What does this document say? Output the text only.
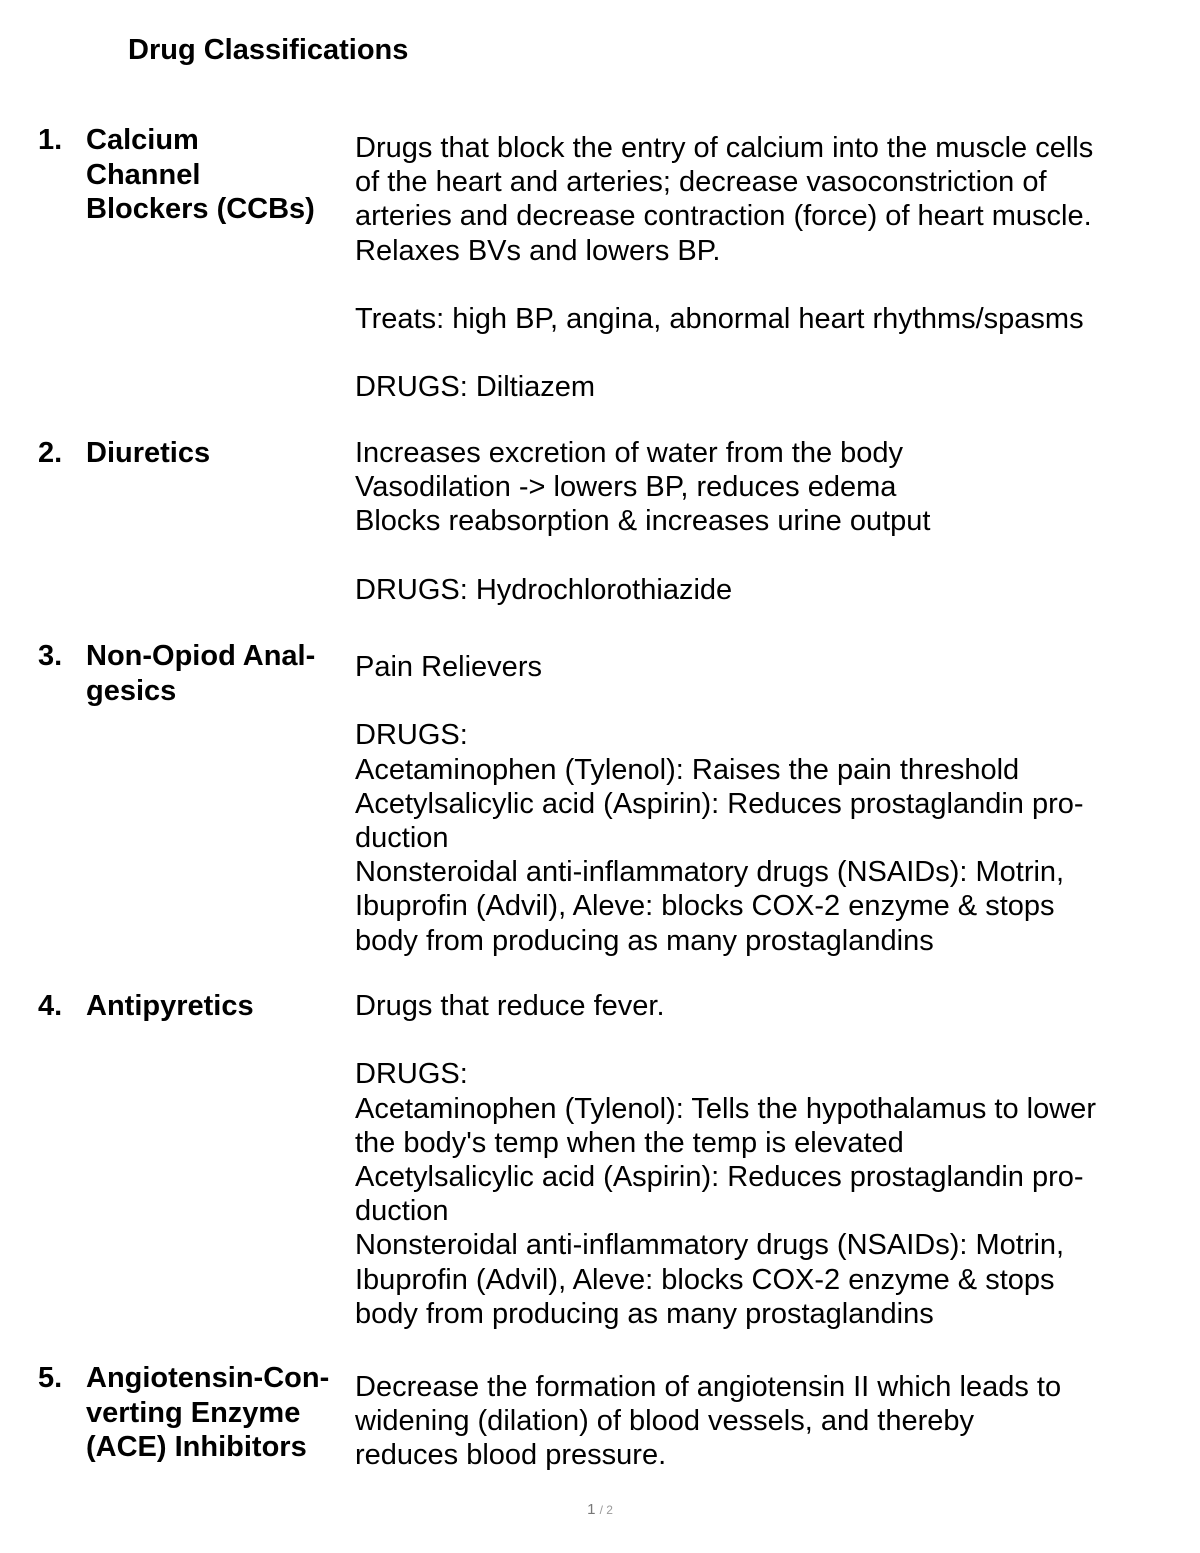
Drug Classifications
1. Calcium
Channel
Blockers (CCBs)
Drugs that block the entry of calcium into the muscle cells
of the heart and arteries; decrease vasoconstriction of
arteries and decrease contraction (force) of heart muscle.
Relaxes BVs and lowers BP.
Treats: high BP, angina, abnormal heart rhythms/spasms
DRUGS: Diltiazem
2. Diuretics	Increases excretion of water from the body
Vasodilation -> lowers BP, reduces edema
Blocks reabsorption & increases urine output
DRUGS: Hydrochlorothiazide
3. Non-Opiod Anal-
gesics
Pain Relievers
DRUGS:
Acetaminophen (Tylenol): Raises the pain threshold
Acetylsalicylic acid (Aspirin): Reduces prostaglandin pro-
duction
Nonsteroidal anti-inflammatory drugs (NSAIDs): Motrin,
Ibuprofin (Advil), Aleve: blocks COX-2 enzyme & stops
body from producing as many prostaglandins
4. Antipyretics	Drugs that reduce fever.
DRUGS:
Acetaminophen (Tylenol): Tells the hypothalamus to lower
the body's temp when the temp is elevated
Acetylsalicylic acid (Aspirin): Reduces prostaglandin pro-
duction
Nonsteroidal anti-inflammatory drugs (NSAIDs): Motrin,
Ibuprofin (Advil), Aleve: blocks COX-2 enzyme & stops
body from producing as many prostaglandins
5. Angiotensin-Con-
verting Enzyme
(ACE) Inhibitors
Decrease the formation of angiotensin II which leads to
widening (dilation) of blood vessels, and thereby
reduces blood pressure.
1 / 2
